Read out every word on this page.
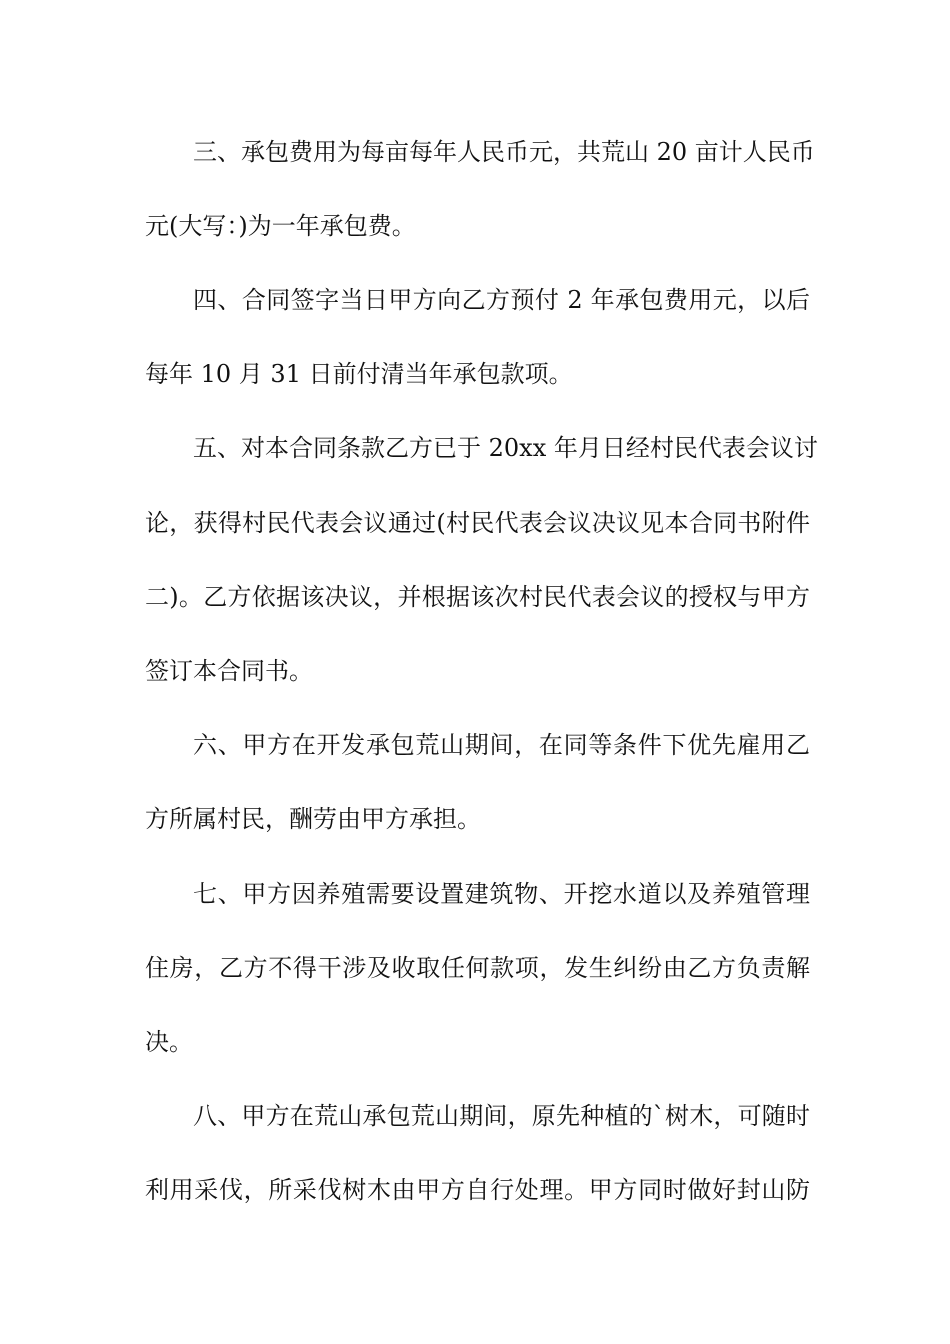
三、承包费用为每亩每年人民币元，共荒山 20 亩计人民币
元(大写：)为一年承包费。
四、合同签字当日甲方向乙方预付 2 年承包费用元，以后
每年 10 月 31 日前付清当年承包款项。
五、对本合同条款乙方已于 20xx 年月日经村民代表会议讨
论，获得村民代表会议通过(村民代表会议决议见本合同书附件
二)。乙方依据该决议，并根据该次村民代表会议的授权与甲方
签订本合同书。
六、甲方在开发承包荒山期间，在同等条件下优先雇用乙
方所属村民，酬劳由甲方承担。
七、甲方因养殖需要设置建筑物、开挖水道以及养殖管理
住房，乙方不得干涉及收取任何款项，发生纠纷由乙方负责解
决。
八、甲方在荒山承包荒山期间，原先种植的`树木，可随时
利用采伐，所采伐树木由甲方自行处理。甲方同时做好封山防
